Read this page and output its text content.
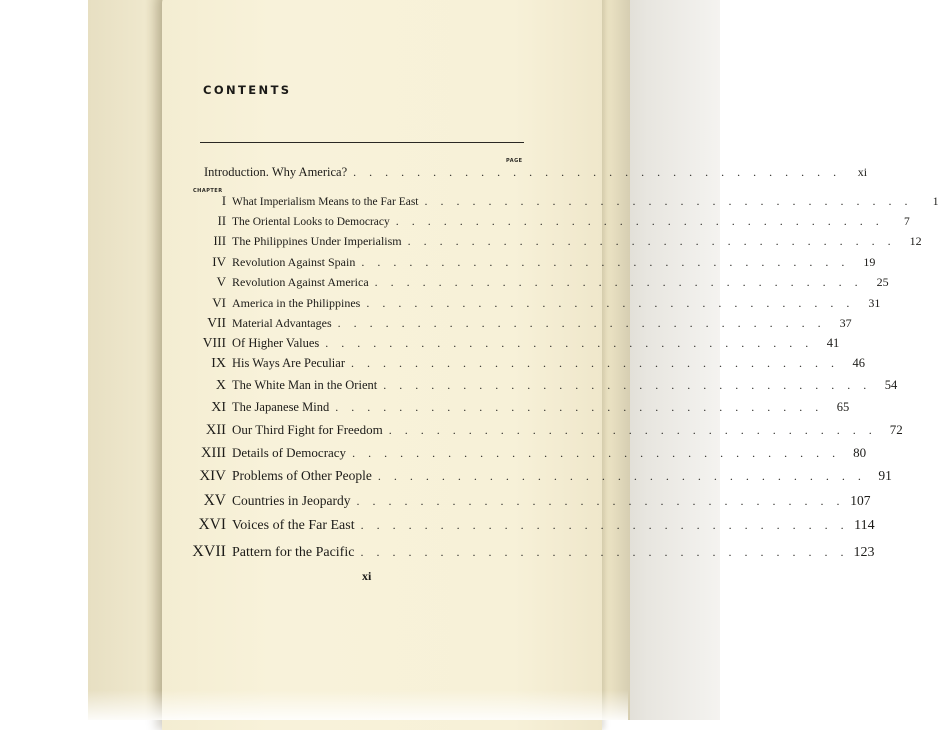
CONTENTS
PAGE
Introduction. Why America? . . . . . . . . . . . . . . . . . . . . . . . . . . . . . . .	xi
CHAPTER
I What Imperialism Means to the Far East . . . . . . . . . . . . . . . . . . . . . . . . . . . . . . .	1
II The Oriental Looks to Democracy . . . . . . . . . . . . . . . . . . . . . . . . . . . . . . .	7
III The Philippines Under Imperialism . . . . . . . . . . . . . . . . . . . . . . . . . . . . . . .	12
IV Revolution Against Spain . . . . . . . . . . . . . . . . . . . . . . . . . . . . . . .	19
V Revolution Against America . . . . . . . . . . . . . . . . . . . . . . . . . . . . . . .	25
VI America in the Philippines . . . . . . . . . . . . . . . . . . . . . . . . . . . . . . .	31
VII Material Advantages . . . . . . . . . . . . . . . . . . . . . . . . . . . . . . .	37
VIII Of Higher Values . . . . . . . . . . . . . . . . . . . . . . . . . . . . . . .	41
IX His Ways Are Peculiar . . . . . . . . . . . . . . . . . . . . . . . . . . . . . . .	46
X The White Man in the Orient . . . . . . . . . . . . . . . . . . . . . . . . . . . . . . .	54
XI The Japanese Mind . . . . . . . . . . . . . . . . . . . . . . . . . . . . . . .	65
XII Our Third Fight for Freedom . . . . . . . . . . . . . . . . . . . . . . . . . . . . . . .	72
XIII Details of Democracy . . . . . . . . . . . . . . . . . . . . . . . . . . . . . . .	80
XIV Problems of Other People . . . . . . . . . . . . . . . . . . . . . . . . . . . . . . . 91
XV Countries in Jeopardy . . . . . . . . . . . . . . . . . . . . . . . . . . . . . . . 107
XVI Voices of the Far East . . . . . . . . . . . . . . . . . . . . . . . . . . . . . . . 114
XVII Pattern for the Pacific . . . . . . . . . . . . . . . . . . . . . . . . . . . . . . . 123
xi
